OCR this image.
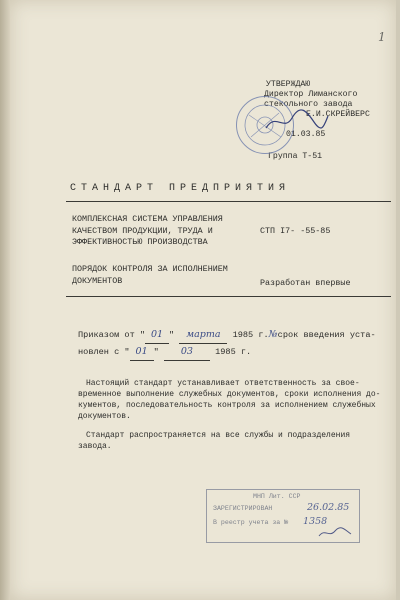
1
УТВЕРЖДАЮ
Директор Лиманского
стекольного завода
Е.И.СКРЕЙВЕРС
01.03.85
Группа Т-51
СТАНДАРТ ПРЕДПРИЯТИЯ
КОМПЛЕКСНАЯ СИСТЕМА УПРАВЛЕНИЯ
КАЧЕСТВОМ ПРОДУКЦИИ, ТРУДА И
ЭФФЕКТИВНОСТЬЮ ПРОИЗВОДСТВА
СТП I7- -55-85
ПОРЯДОК КОНТРОЛЯ ЗА ИСПОЛНЕНИЕМ
ДОКУМЕНТОВ	Разработан впервые
Приказом от " 01 " марта 1985 г.№срок введения уста-
новлен с " 01 " 03	1985 г.
Настоящий стандарт устанавливает ответственность за свое-
временное выполнение служебных документов, сроки исполнения до-
кументов, последовательность контроля за исполнением служебных
документов.
Стандарт распространяется на все службы и подразделения
завода.
МНП Лит. ССР
ЗАРЕГИСТРИРОВАН	26.02.85
В реестр учета за № 1358
